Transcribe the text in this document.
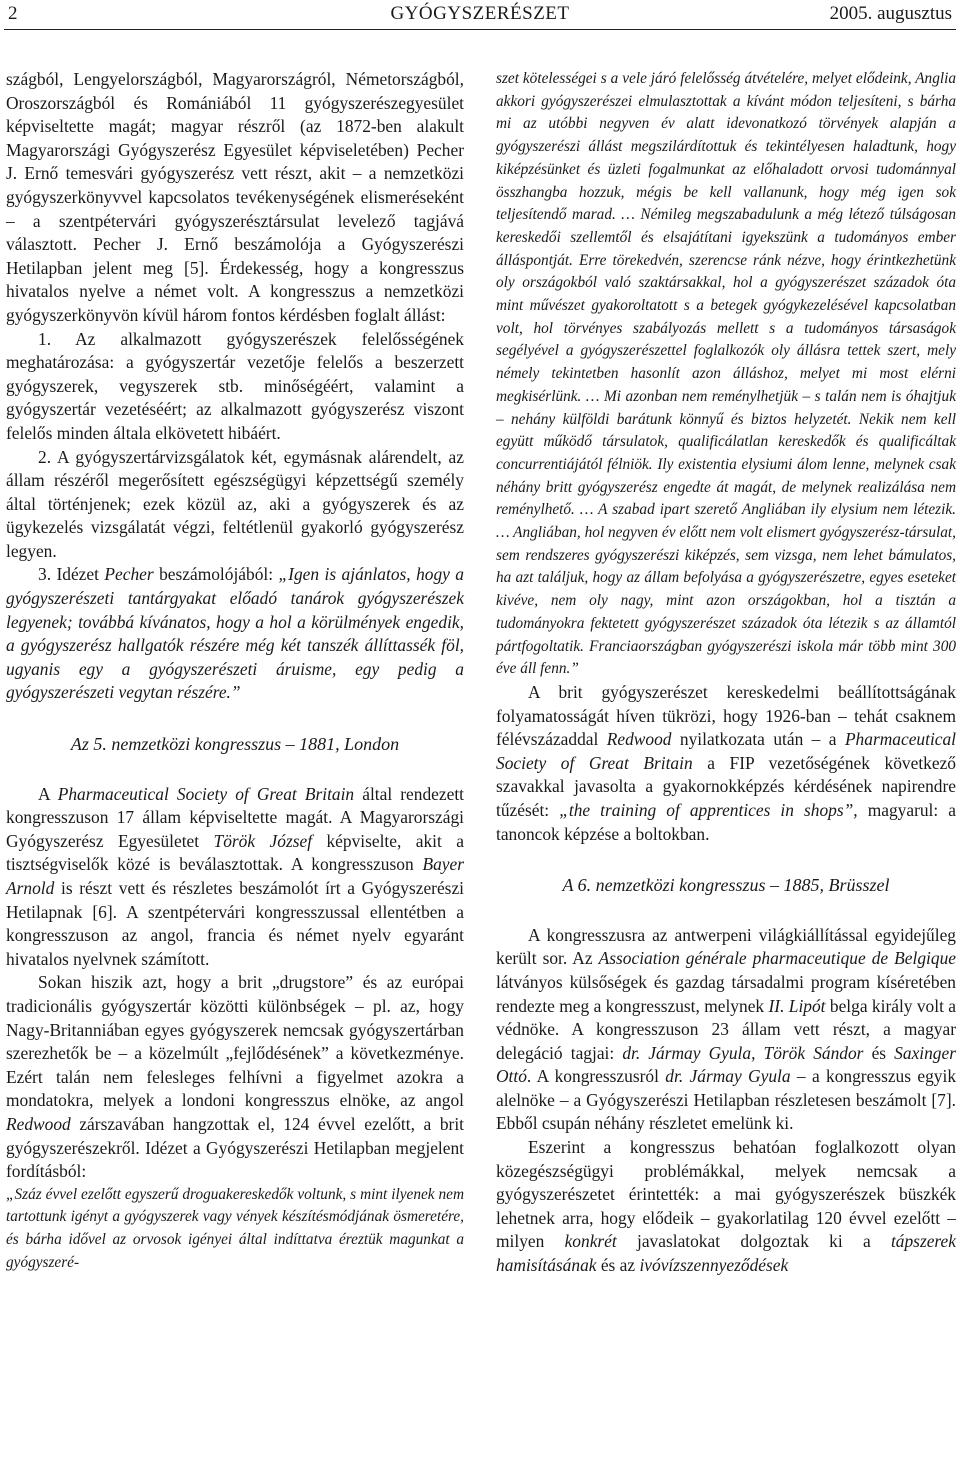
2	GYÓGYSZERÉSZET	2005. augusztus

szágból, Lengyelországból, Magyarországról, Németországból, Oroszországból és Romániából 11 gyógyszerészegyesület képviseltette magát; magyar részről (az 1872-ben alakult Magyarországi Gyógyszerész Egyesület képviseletében) Pecher J. Ernő temesvári gyógyszerész vett részt, akit – a nemzetközi gyógyszerkönyvvel kapcsolatos tevékenységének elismeréseként – a szentpétervári gyógyszerésztársulat levelező tagjává választott. Pecher J. Ernő beszámolója a Gyógyszerészi Hetilapban jelent meg [5]. Érdekesség, hogy a kongresszus hivatalos nyelve a német volt. A kongresszus a nemzetközi gyógyszerkönyvön kívül három fontos kérdésben foglalt állást:

1. Az alkalmazott gyógyszerészek felelősségének meghatározása: a gyógyszertár vezetője felelős a beszerzett gyógyszerek, vegyszerek stb. minőségéért, valamint a gyógyszertár vezetéséért; az alkalmazott gyógyszerész viszont felelős minden általa elkövetett hibáért.

2. A gyógyszertárvizsgálatok két, egymásnak alárendelt, az állam részéről megerősített egészségügyi képzettségű személy által történjenek; ezek közül az, aki a gyógyszerek és az ügykezelés vizsgálatát végzi, feltétlenül gyakorló gyógyszerész legyen.

3. Idézet Pecher beszámolójából: „Igen is ajánlatos, hogy a gyógyszerészeti tantárgyakat előadó tanárok gyógyszerészek legyenek; továbbá kívánatos, hogy a hol a körülmények engedik, a gyógyszerész hallgatók részére még két tanszék állíttassék föl, ugyanis egy a gyógyszerészeti áruisme, egy pedig a gyógyszerészeti vegytan részére.”

Az 5. nemzetközi kongresszus – 1881, London

A Pharmaceutical Society of Great Britain által rendezett kongresszuson 17 állam képviseltette magát. A Magyarországi Gyógyszerész Egyesületet Török József képviselte, akit a tisztségviselők közé is beválasztottak. A kongresszuson Bayer Arnold is részt vett és részletes beszámolót írt a Gyógyszerészi Hetilapnak [6]. A szentpétervári kongresszussal ellentétben a kongresszuson az angol, francia és német nyelv egyaránt hivatalos nyelvnek számított.

Sokan hiszik azt, hogy a brit „drugstore” és az európai tradicionális gyógyszertár közötti különbségek – pl. az, hogy Nagy-Britanniában egyes gyógyszerek nemcsak gyógyszertárban szerezhetők be – a közelmúlt „fejlődésének” a következménye. Ezért talán nem felesleges felhívni a figyelmet azokra a mondatokra, melyek a londoni kongresszus elnöke, az angol Redwood zárszavában hangzottak el, 124 évvel ezelőtt, a brit gyógyszerészekről. Idézet a Gyógyszerészi Hetilapban megjelent fordításból:

„Száz évvel ezelőtt egyszerű droguakereskedők voltunk, s mint ilyenek nem tartottunk igényt a gyógyszerek vagy vények készítésmódjának ösmeretére, és bárha idővel az orvosok igényei által indíttatva éreztük magunkat a gyógyszeré-

szet kötelességei s a vele járó felelősség átvételére, melyet elődeink, Anglia akkori gyógyszerészei elmulasztottak a kívánt módon teljesíteni, s bárha mi az utóbbi negyven év alatt idevonatkozó törvények alapján a gyógyszerészi állást megszilárdítottuk és tekintélyesen haladtunk, hogy kiképzésünket és üzleti fogalmunkat az előhaladott orvosi tudománnyal összhangba hozzuk, mégis be kell vallanunk, hogy még igen sok teljesítendő marad. … Némileg megszabadulunk a még létező túlságosan kereskedői szellemtől és elsajátítani igyekszünk a tudományos ember álláspontját. Erre törekedvén, szerencse ránk nézve, hogy érintkezhetünk oly országokból való szaktársakkal, hol a gyógyszerészet századok óta mint művészet gyakoroltatott s a betegek gyógykezelésével kapcsolatban volt, hol törvényes szabályozás mellett s a tudományos társaságok segélyével a gyógyszerészettel foglalkozók oly állásra tettek szert, mely némely tekintetben hasonlít azon álláshoz, melyet mi most elérni megkisérlünk. … Mi azonban nem reménylhetjük – s talán nem is óhajtjuk – nehány külföldi barátunk könnyű és biztos helyzetét. Nekik nem kell együtt működő társulatok, qualificálatlan kereskedők és qualificáltak concurrentiájától félniök. Ily existentia elysiumi álom lenne, melynek csak néhány britt gyógyszerész engedte át magát, de melynek realizálása nem reménylhető. … A szabad ipart szerető Angliában ily elysium nem létezik. … Angliában, hol negyven év előtt nem volt elismert gyógyszerész-társulat, sem rendszeres gyógyszerészi kiképzés, sem vizsga, nem lehet bámulatos, ha azt találjuk, hogy az állam befolyása a gyógyszerészetre, egyes eseteket kivéve, nem oly nagy, mint azon országokban, hol a tisztán a tudományokra fektetett gyógyszerészet századok óta létezik s az államtól pártfogoltatik. Franciaországban gyógyszerészi iskola már több mint 300 éve áll fenn.”

A brit gyógyszerészet kereskedelmi beállítottságának folyamatosságát híven tükrözi, hogy 1926-ban – tehát csaknem félévszázaddal Redwood nyilatkozata után – a Pharmaceutical Society of Great Britain a FIP vezetőségének következő szavakkal javasolta a gyakornokképzés kérdésének napirendre tűzését: „the training of apprentices in shops”, magyarul: a tanoncok képzése a boltokban.

A 6. nemzetközi kongresszus – 1885, Brüsszel

A kongresszusra az antwerpeni világkiállítással egyidejűleg került sor. Az Association générale pharmaceutique de Belgique látványos külsőségek és gazdag társadalmi program kíséretében rendezte meg a kongresszust, melynek II. Lipót belga király volt a védnöke. A kongresszuson 23 állam vett részt, a magyar delegáció tagjai: dr. Jármay Gyula, Török Sándor és Saxinger Ottó. A kongresszusról dr. Jármay Gyula – a kongresszus egyik alelnöke – a Gyógyszerészi Hetilapban részletesen beszámolt [7]. Ebből csupán néhány részletet emelünk ki.

Eszerint a kongresszus behatóan foglalkozott olyan közegészségügyi problémákkal, melyek nemcsak a gyógyszerészetet érintették: a mai gyógyszerészek büszkék lehetnek arra, hogy elődeik – gyakorlatilag 120 évvel ezelőtt – milyen konkrét javaslatokat dolgoztak ki a tápszerek hamisításának és az ivóvízszennyeződések
